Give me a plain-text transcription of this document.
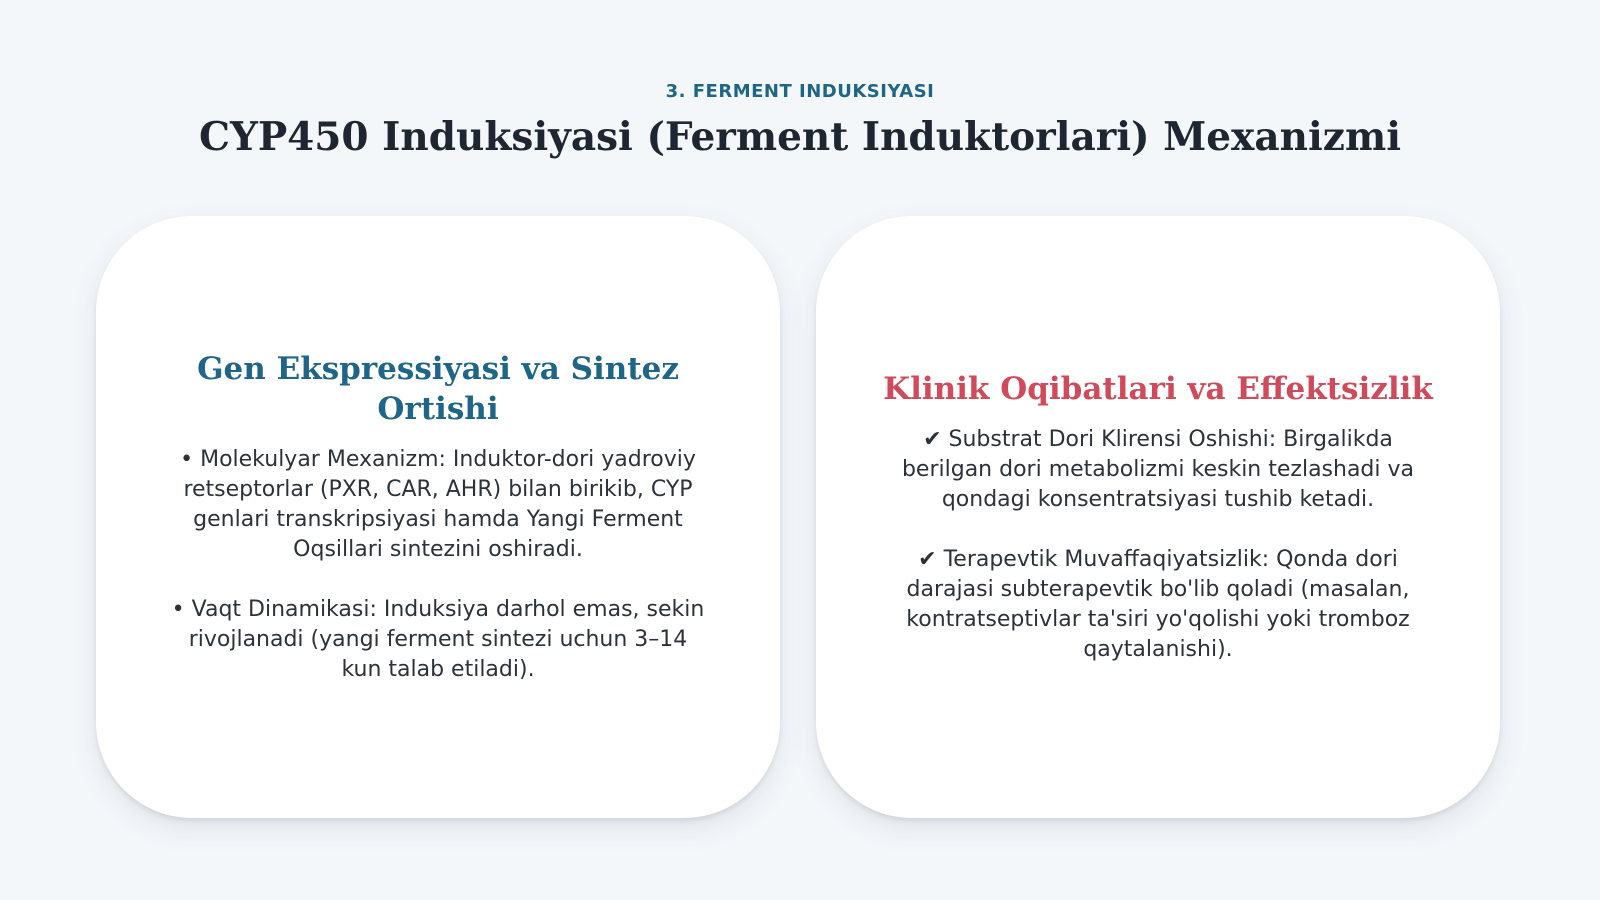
3. FERMENT INDUKSIYASI
CYP450 Induksiyasi (Ferment Induktorlari) Mexanizmi
Gen Ekspressiyasi va Sintez Ortishi
• Molekulyar Mexanizm: Induktor-dori yadroviy retseptorlar (PXR, CAR, AHR) bilan birikib, CYP genlari transkripsiyasi hamda Yangi Ferment Oqsillari sintezini oshiradi.
• Vaqt Dinamikasi: Induksiya darhol emas, sekin rivojlanadi (yangi ferment sintezi uchun 3–14 kun talab etiladi).
Klinik Oqibatlari va Effektsizlik
✔ Substrat Dori Klirensi Oshishi: Birgalikda berilgan dori metabolizmi keskin tezlashadi va qondagi konsentratsiyasi tushib ketadi.
✔ Terapevtik Muvaffaqiyatsizlik: Qonda dori darajasi subterapevtik bo'lib qoladi (masalan, kontratseptivlar ta'siri yo'qolishi yoki tromboz qaytalanishi).
